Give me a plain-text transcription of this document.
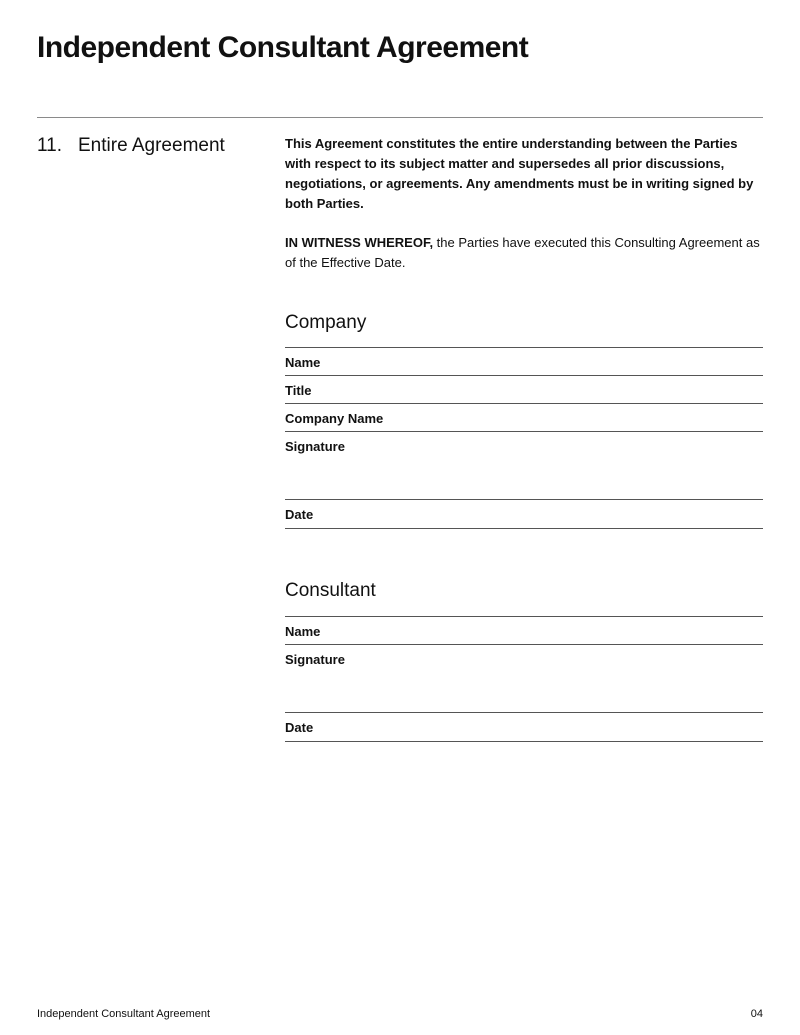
Independent Consultant Agreement
11. Entire Agreement	This Agreement constitutes the entire understanding between the Parties with respect to its subject matter and supersedes all prior discussions, negotiations, or agreements. Any amendments must be in writing signed by both Parties.

IN WITNESS WHEREOF, the Parties have executed this Consulting Agreement as of the Effective Date.

Company
Name
Title
Company Name
Signature
Date
Consultant
Name
Signature
Date
Independent Consultant Agreement	04
